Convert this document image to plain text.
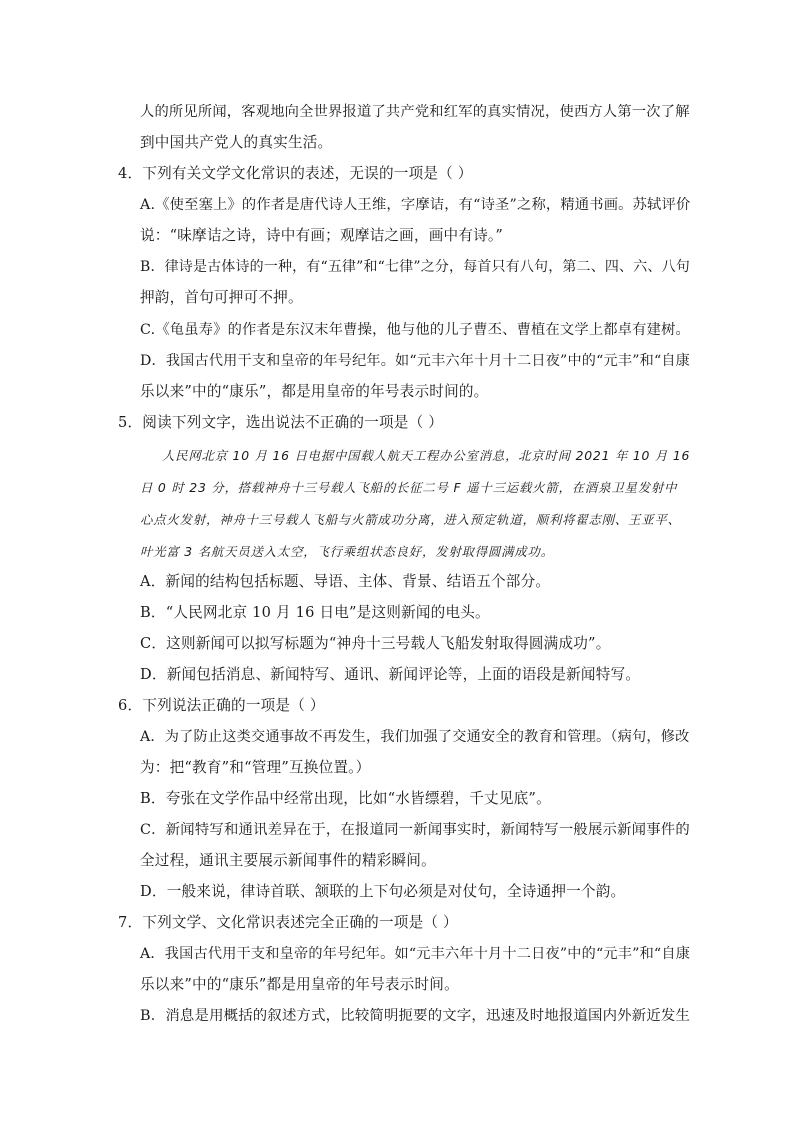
人的所见所闻，客观地向全世界报道了共产党和红军的真实情况，使西方人第一次了解
到中国共产党人的真实生活。
4．下列有关文学文化常识的表述，无误的一项是（ ）
A.《使至塞上》的作者是唐代诗人王维，字摩诘，有“诗圣”之称，精通书画。苏轼评价
说：“味摩诘之诗，诗中有画；观摩诘之画，画中有诗。”
B．律诗是古体诗的一种，有“五律”和“七律”之分，每首只有八句，第二、四、六、八句
押韵，首句可押可不押。
C.《龟虽寿》的作者是东汉末年曹操，他与他的儿子曹丕、曹植在文学上都卓有建树。
D．我国古代用干支和皇帝的年号纪年。如“元丰六年十月十二日夜”中的“元丰”和“自康
乐以来”中的“康乐”，都是用皇帝的年号表示时间的。
5．阅读下列文字，选出说法不正确的一项是（ ）
人民网北京 10 月 16 日电据中国载人航天工程办公室消息，北京时间 2021 年 10 月 16
日 0 时 23 分，搭载神舟十三号载人飞船的长征二号 F 遥十三运载火箭，在酒泉卫星发射中
心点火发射，神舟十三号载人飞船与火箭成功分离，进入预定轨道，顺利将翟志刚、王亚平、
叶光富 3 名航天员送入太空，飞行乘组状态良好，发射取得圆满成功。
A．新闻的结构包括标题、导语、主体、背景、结语五个部分。
B．“人民网北京 10 月 16 日电”是这则新闻的电头。
C．这则新闻可以拟写标题为“神舟十三号载人飞船发射取得圆满成功”。
D．新闻包括消息、新闻特写、通讯、新闻评论等，上面的语段是新闻特写。
6．下列说法正确的一项是（ ）
A．为了防止这类交通事故不再发生，我们加强了交通安全的教育和管理。（病句，修改
为：把“教育”和“管理”互换位置。）
B．夸张在文学作品中经常出现，比如“水皆缥碧，千丈见底”。
C．新闻特写和通讯差异在于，在报道同一新闻事实时，新闻特写一般展示新闻事件的
全过程，通讯主要展示新闻事件的精彩瞬间。
D．一般来说，律诗首联、颔联的上下句必须是对仗句，全诗通押一个韵。
7．下列文学、文化常识表述完全正确的一项是（ ）
A．我国古代用干支和皇帝的年号纪年。如“元丰六年十月十二日夜”中的“元丰”和“自康
乐以来”中的“康乐”都是用皇帝的年号表示时间。
B．消息是用概括的叙述方式，比较简明扼要的文字，迅速及时地报道国内外新近发生
